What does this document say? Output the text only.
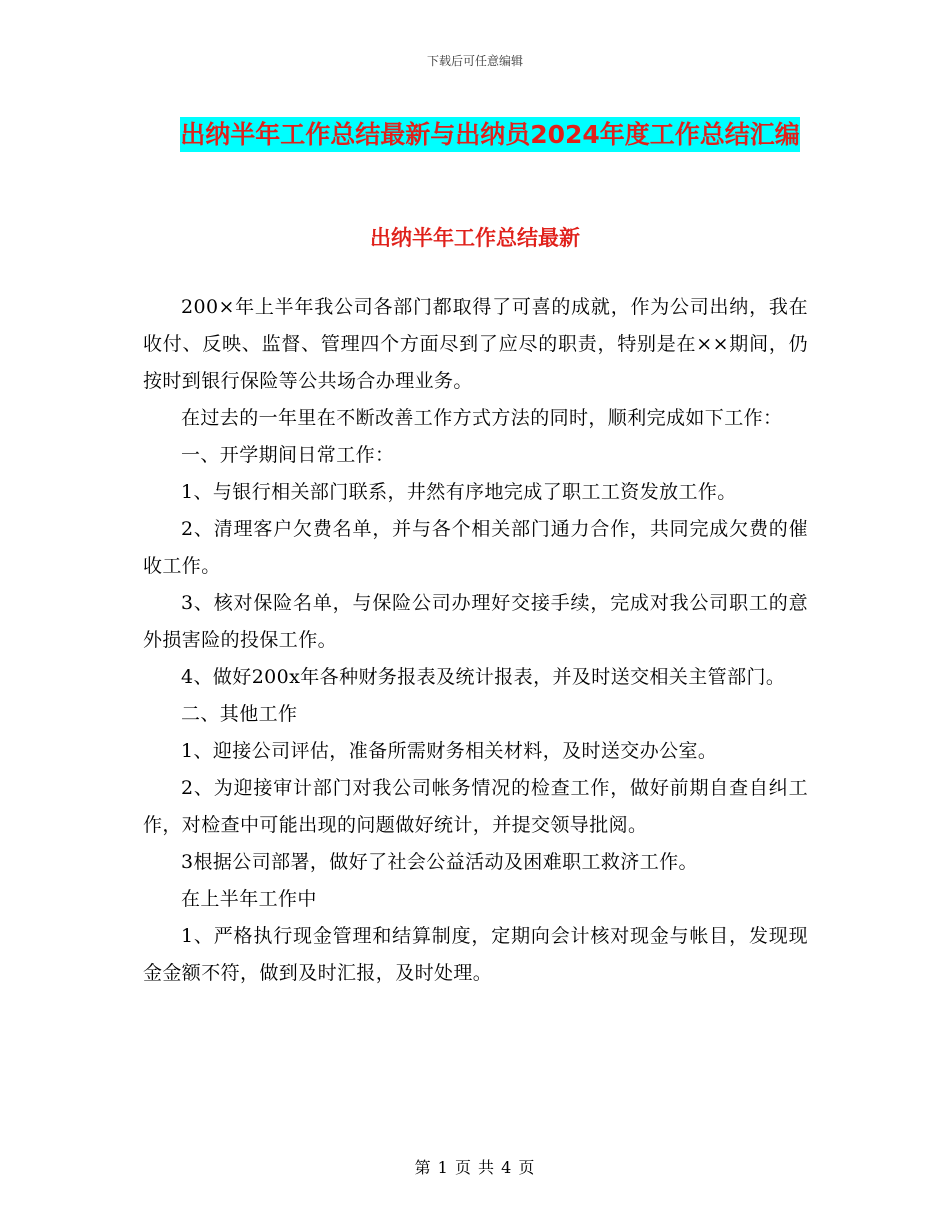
下载后可任意编辑
出纳半年工作总结最新与出纳员2024年度工作总结汇编
出纳半年工作总结最新

200×年上半年我公司各部门都取得了可喜的成就，作为公司出纳，我在收付、反映、监督、管理四个方面尽到了应尽的职责，特别是在××期间，仍按时到银行保险等公共场合办理业务。

在过去的一年里在不断改善工作方式方法的同时，顺利完成如下工作：

一、开学期间日常工作：

1、与银行相关部门联系，井然有序地完成了职工工资发放工作。

2、清理客户欠费名单，并与各个相关部门通力合作，共同完成欠费的催收工作。

3、核对保险名单，与保险公司办理好交接手续，完成对我公司职工的意外损害险的投保工作。

4、做好200x年各种财务报表及统计报表，并及时送交相关主管部门。

二、其他工作

1、迎接公司评估，准备所需财务相关材料，及时送交办公室。

2、为迎接审计部门对我公司帐务情况的检查工作，做好前期自查自纠工作，对检查中可能出现的问题做好统计，并提交领导批阅。

3根据公司部署，做好了社会公益活动及困难职工救济工作。

在上半年工作中

1、严格执行现金管理和结算制度，定期向会计核对现金与帐目，发现现金金额不符，做到及时汇报，及时处理。

第 1 页 共 4 页
